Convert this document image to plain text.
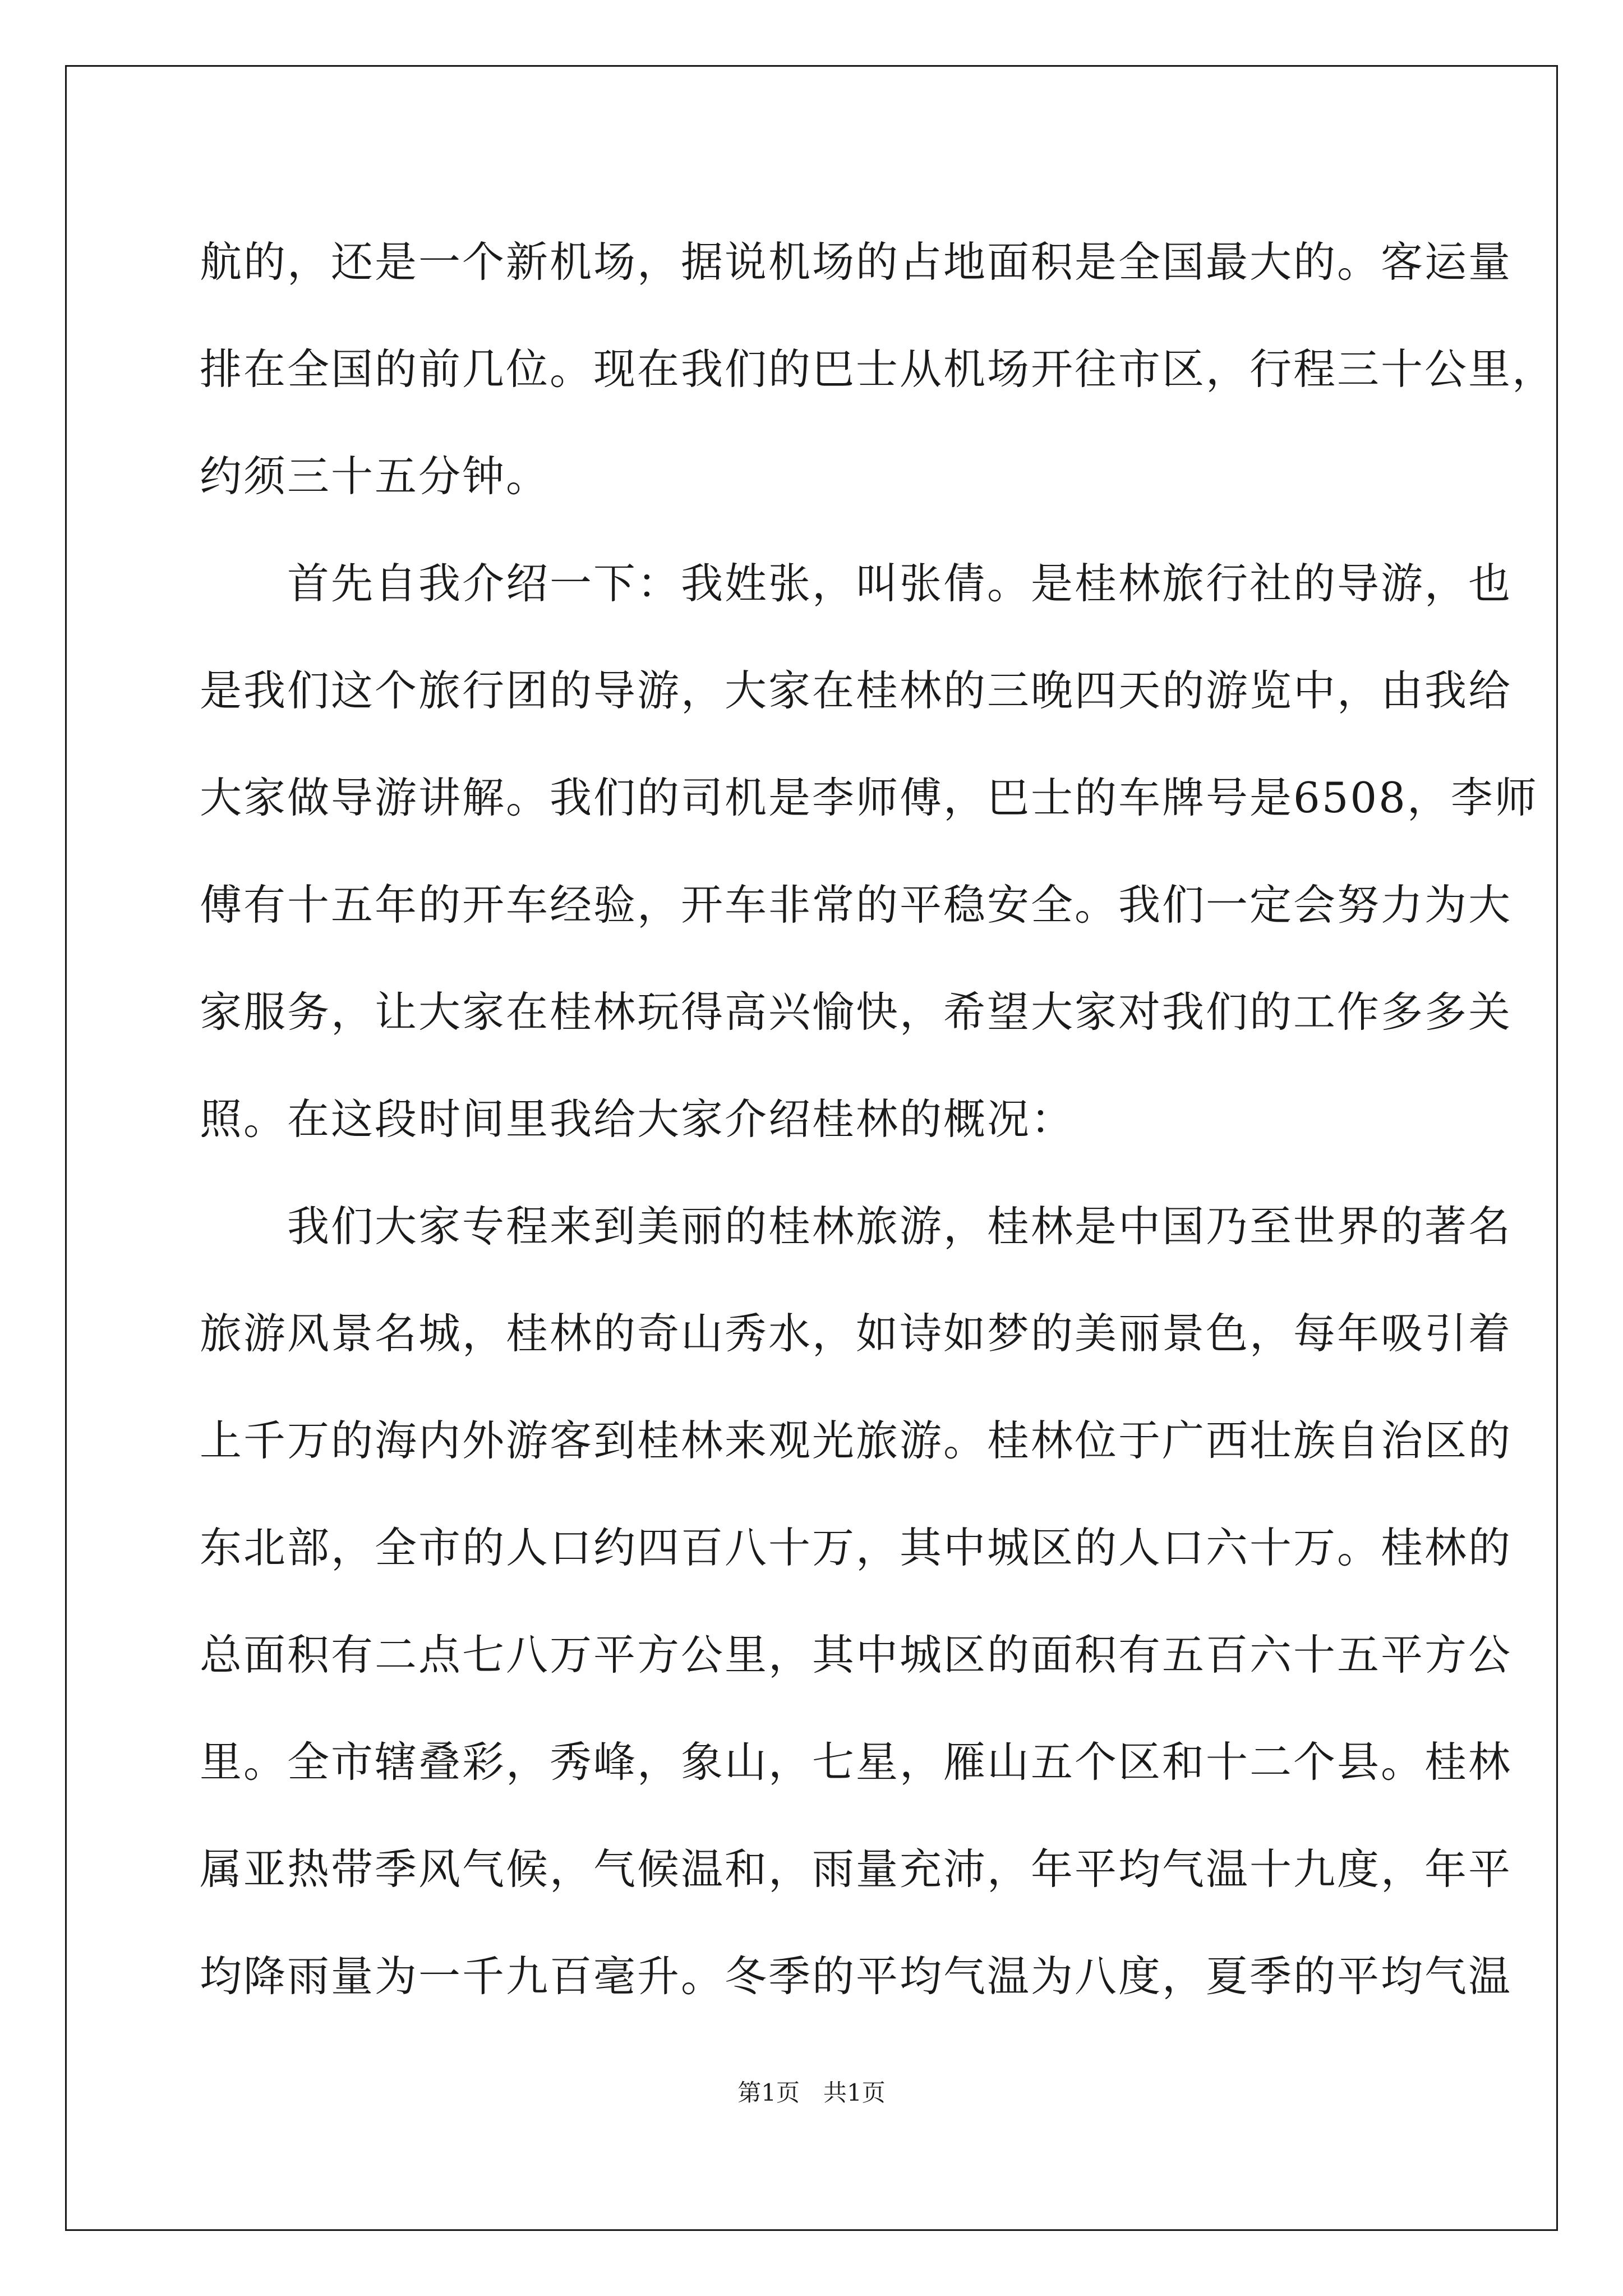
航的，还是一个新机场，据说机场的占地面积是全国最大的。客运量
排在全国的前几位。现在我们的巴士从机场开往市区，行程三十公里，
约须三十五分钟。
　　首先自我介绍一下：我姓张，叫张倩。是桂林旅行社的导游，也
是我们这个旅行团的导游，大家在桂林的三晚四天的游览中，由我给
大家做导游讲解。我们的司机是李师傅，巴士的车牌号是6508，李师
傅有十五年的开车经验，开车非常的平稳安全。我们一定会努力为大
家服务，让大家在桂林玩得高兴愉快，希望大家对我们的工作多多关
照。在这段时间里我给大家介绍桂林的概况：
　　我们大家专程来到美丽的桂林旅游，桂林是中国乃至世界的著名
旅游风景名城，桂林的奇山秀水，如诗如梦的美丽景色，每年吸引着
上千万的海内外游客到桂林来观光旅游。桂林位于广西壮族自治区的
东北部，全市的人口约四百八十万，其中城区的人口六十万。桂林的
总面积有二点七八万平方公里，其中城区的面积有五百六十五平方公
里。全市辖叠彩，秀峰，象山，七星，雁山五个区和十二个县。桂林
属亚热带季风气候，气候温和，雨量充沛，年平均气温十九度，年平
均降雨量为一千九百毫升。冬季的平均气温为八度，夏季的平均气温
第1页　共1页
